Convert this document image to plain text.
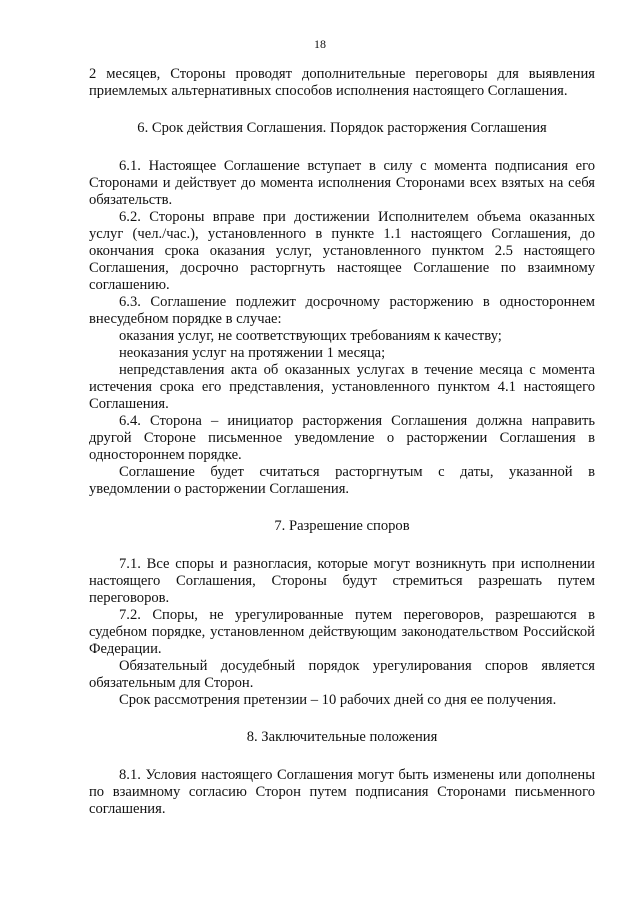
18

2 месяцев, Стороны проводят дополнительные переговоры для выявления приемлемых альтернативных способов исполнения настоящего Соглашения.

6. Срок действия Соглашения. Порядок расторжения Соглашения

6.1. Настоящее Соглашение вступает в силу с момента подписания его Сторонами и действует до момента исполнения Сторонами всех взятых на себя обязательств.

6.2. Стороны вправе при достижении Исполнителем объема оказанных услуг (чел./час.), установленного в пункте 1.1 настоящего Соглашения, до окончания срока оказания услуг, установленного пунктом 2.5 настоящего Соглашения, досрочно расторгнуть настоящее Соглашение по взаимному соглашению.

6.3. Соглашение подлежит досрочному расторжению в одностороннем внесудебном порядке в случае:

оказания услуг, не соответствующих требованиям к качеству;

неоказания услуг на протяжении 1 месяца;

непредставления акта об оказанных услугах в течение месяца с момента истечения срока его представления, установленного пунктом 4.1 настоящего Соглашения.

6.4. Сторона – инициатор расторжения Соглашения должна направить другой Стороне письменное уведомление о расторжении Соглашения в одностороннем порядке.

Соглашение будет считаться расторгнутым с даты, указанной в уведомлении о расторжении Соглашения.

7. Разрешение споров

7.1. Все споры и разногласия, которые могут возникнуть при исполнении настоящего Соглашения, Стороны будут стремиться разрешать путем переговоров.

7.2. Споры, не урегулированные путем переговоров, разрешаются в судебном порядке, установленном действующим законодательством Российской Федерации.

Обязательный досудебный порядок урегулирования споров является обязательным для Сторон.

Срок рассмотрения претензии – 10 рабочих дней со дня ее получения.

8. Заключительные положения

8.1. Условия настоящего Соглашения могут быть изменены или дополнены по взаимному согласию Сторон путем подписания Сторонами письменного соглашения.
